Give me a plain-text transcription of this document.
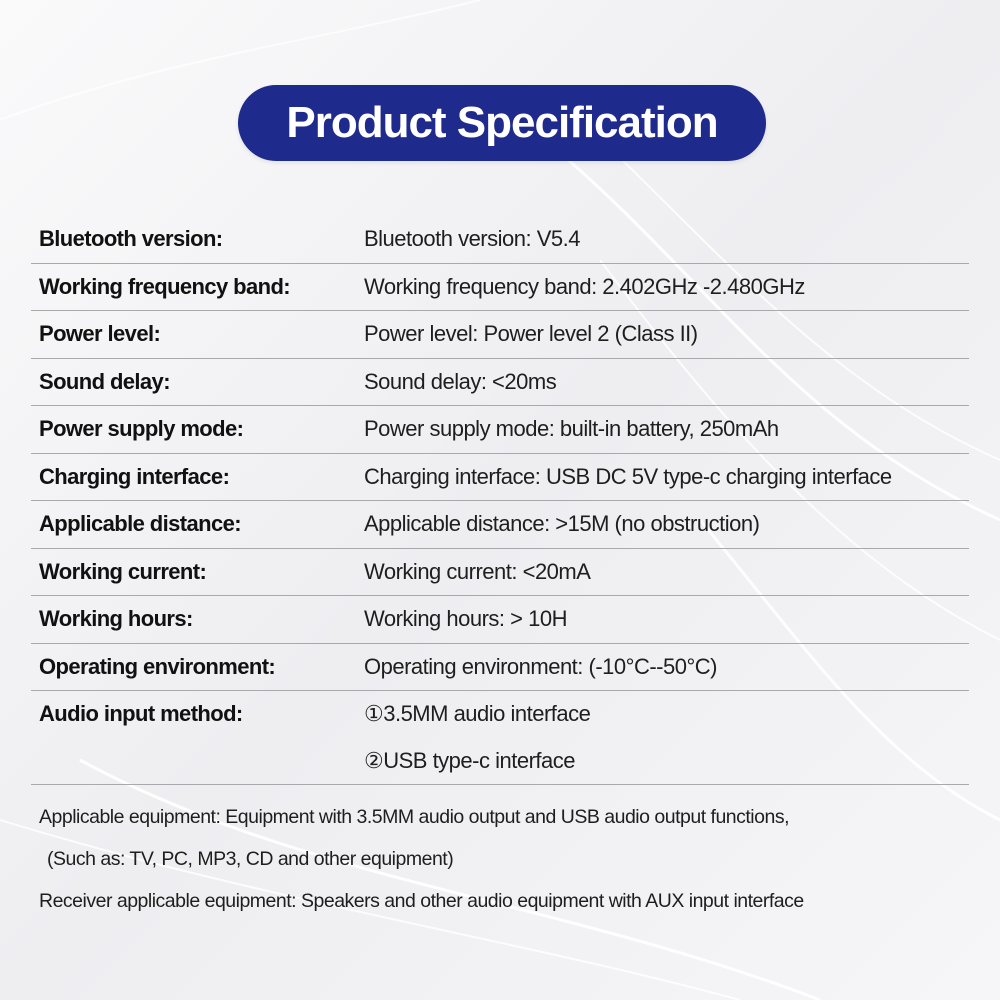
Product Specification
Bluetooth version:	Bluetooth version: V5.4
Working frequency band:	Working frequency band: 2.402GHz -2.480GHz
Power level:	Power level: Power level 2 (Class II)
Sound delay:	Sound delay: <20ms
Power supply mode:	Power supply mode: built-in battery, 250mAh
Charging interface:	Charging interface: USB DC 5V type-c charging interface
Applicable distance:	Applicable distance: >15M (no obstruction)
Working current:	Working current: <20mA
Working hours:	Working hours: > 10H
Operating environment:	Operating environment: (-10°C--50°C)
Audio input method:	①3.5MM audio interface
②USB type-c interface
Applicable equipment: Equipment with 3.5MM audio output and USB audio output functions,
(Such as: TV, PC, MP3, CD and other equipment)
Receiver applicable equipment: Speakers and other audio equipment with AUX input interface
